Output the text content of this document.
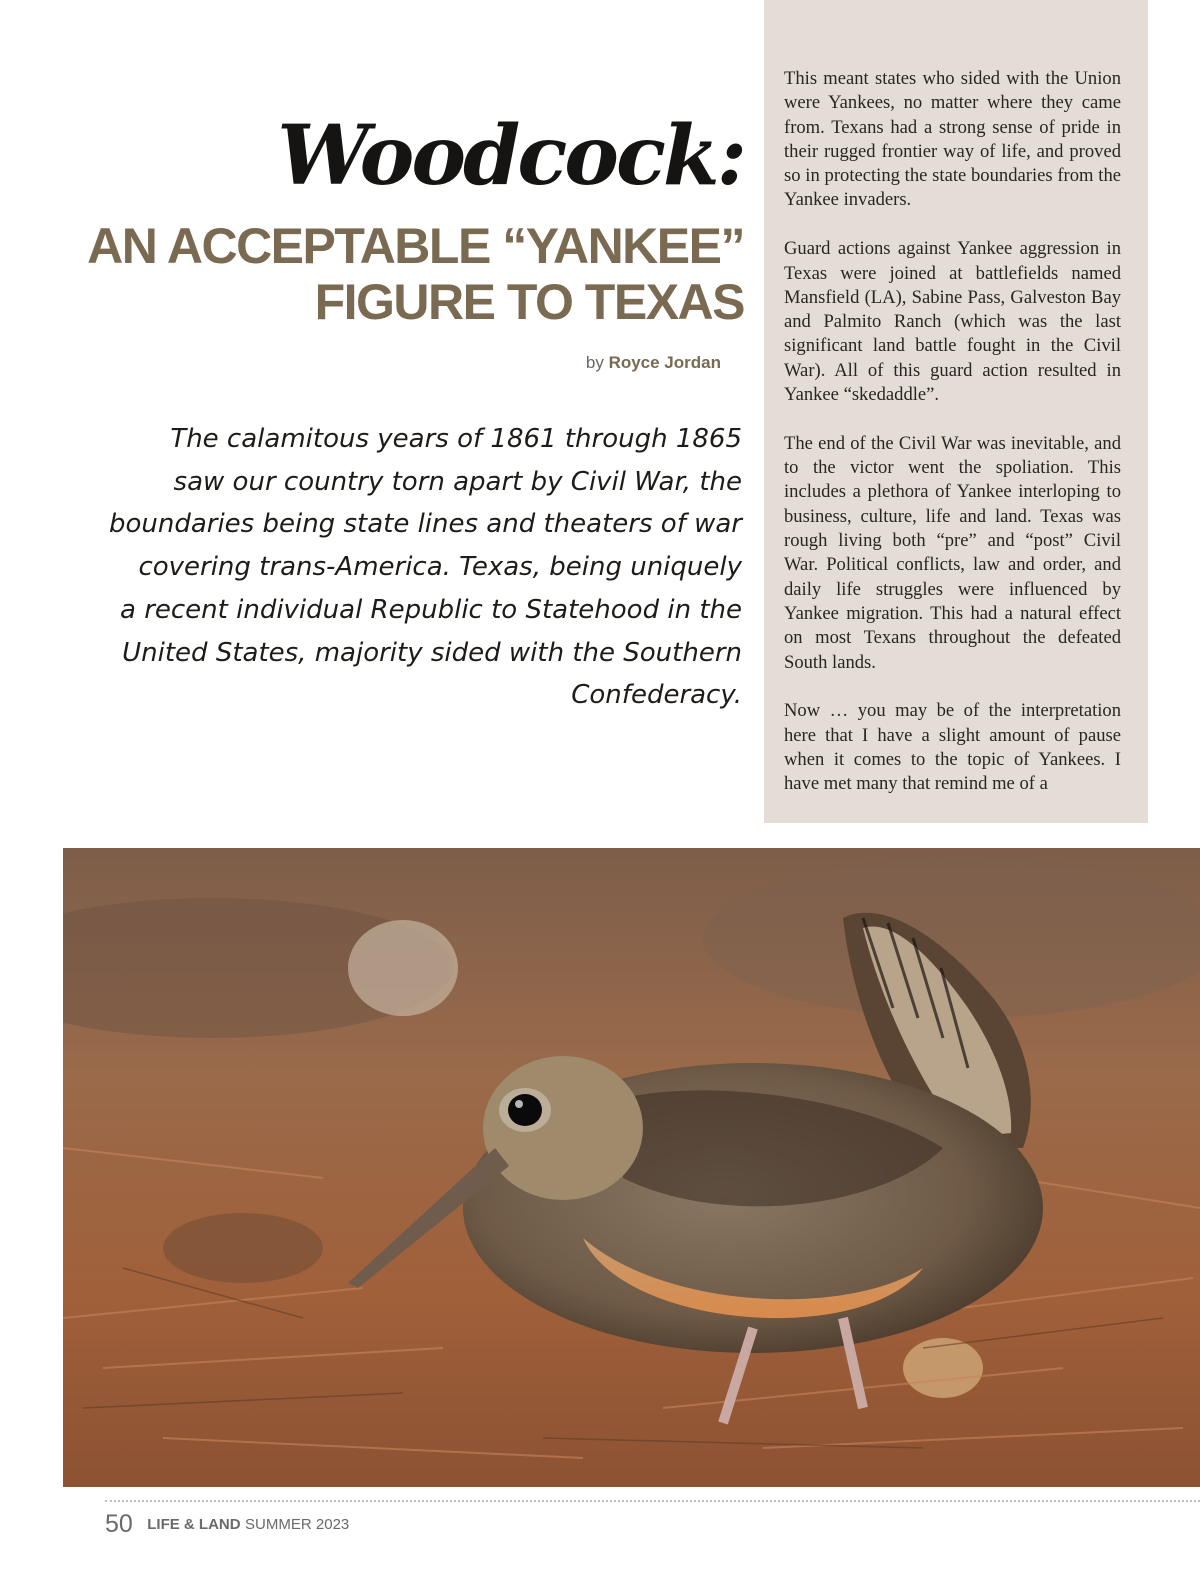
This meant states who sided with the Union were Yankees, no matter where they came from. Texans had a strong sense of pride in their rugged frontier way of life, and proved so in protecting the state boundaries from the Yankee invaders.

Guard actions against Yankee aggression in Texas were joined at battlefields named Mansfield (LA), Sabine Pass, Galveston Bay and Palmito Ranch (which was the last significant land battle fought in the Civil War). All of this guard action resulted in Yankee “skedaddle”.

The end of the Civil War was inevitable, and to the victor went the spoliation. This includes a plethora of Yankee interloping to business, culture, life and land. Texas was rough living both “pre” and “post” Civil War. Political conflicts, law and order, and daily life struggles were influenced by Yankee migration. This had a natural effect on most Texans throughout the defeated South lands.

Now … you may be of the interpretation here that I have a slight amount of pause when it comes to the topic of Yankees. I have met many that remind me of a

Woodcock:
AN ACCEPTABLE “YANKEE”
FIGURE TO TEXAS
by Royce Jordan
The calamitous years of 1861 through 1865
saw our country torn apart by Civil War, the
boundaries being state lines and theaters of war
covering trans-America. Texas, being uniquely
a recent individual Republic to Statehood in the
United States, majority sided with the Southern
Confederacy.
50 LIFE & LAND SUMMER 2023
